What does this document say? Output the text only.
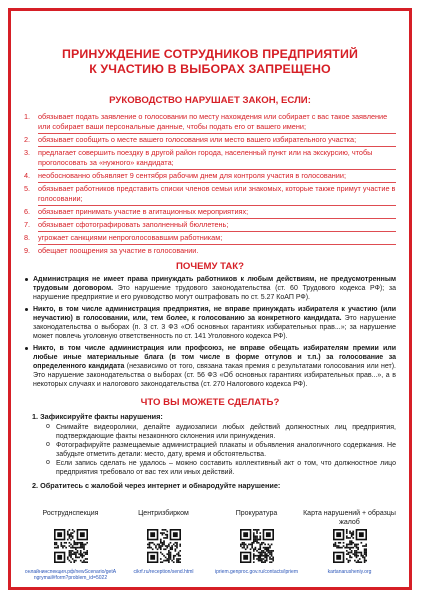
ПРИНУЖДЕНИЕ СОТРУДНИКОВ ПРЕДПРИЯТИЙ
К УЧАСТИЮ В ВЫБОРАХ ЗАПРЕЩЕНО
РУКОВОДСТВО НАРУШАЕТ ЗАКОН, ЕСЛИ:
1. обязывает подать заявление о голосовании по месту нахождения или собирает с вас такое заявление или собирает ваши персональные данные, чтобы подать его от вашего имени;
2. обязывает сообщить о месте вашего голосования или место вашего избирательного участка;
3. предлагает совершить поездку в другой район города, населенный пункт или на экскурсию, чтобы проголосовать за «нужного» кандидата;
4. необоснованно объявляет 9 сентября рабочим днем для контроля участия в голосовании;
5. обязывает работников представить списки членов семьи или знакомых, которые также примут участие в голосовании;
6. обязывает принимать участие в агитационных мероприятиях;
7. обязывает сфотографировать заполненный бюллетень;
8. угрожает санкциями непроголосовавшим работникам;
9. обещает поощрения за участие в голосовании.
ПОЧЕМУ ТАК?
Администрация не имеет права принуждать работников к любым действиям, не предусмотренным трудовым договором. Это нарушение трудового законодательства (ст. 60 Трудового кодекса РФ); за нарушение предприятие и его руководство могут оштрафовать по ст. 5.27 КоАП РФ).
Никто, в том числе администрация предприятия, не вправе принуждать избирателя к участию (или неучастию) в голосовании, или, тем более, к голосованию за конкретного кандидата. Это нарушение законодательства о выборах (п. 3 ст. 3 ФЗ «Об основных гарантиях избирательных прав...»; за нарушение может повлечь уголовную ответственность по ст. 141 Уголовного кодекса РФ).
Никто, в том числе администрация или профсоюз, не вправе обещать избирателям премии или любые иные материальные блага (в том числе в форме отгулов и т.п.) за голосование за определенного кандидата (независимо от того, связана такая премия с результатами голосования или нет). Это нарушение законодательства о выборах (ст. 56 ФЗ «Об основных гарантиях избирательных прав...», а в некоторых случаях и налогового законодательства (ст. 270 Налогового кодекса РФ).
ЧТО ВЫ МОЖЕТЕ СДЕЛАТЬ?
1. Зафиксируйте факты нарушения:
o Снимайте видеоролики, делайте аудиозаписи любых действий должностных лиц предприятия, подтверждающие факты незаконного склонения или принуждения.
o Фотографируйте размещаемые администрацией плакаты и объявления аналогичного содержания. Не забудьте отметить детали: место, дату, время и обстоятельства.
o Если запись сделать не удалось – можно составить коллективный акт о том, что должностное лицо предприятия требовало от вас тех или иных действий.
2. Обратитесь с жалобой через интернет и обнародуйте нарушение:
Роструднспекция
онлайнинспекция.рф/newScenario/getAngrymail#form?problem_id=5022
Центризбирком
cikrf.ru/reception/send.html
Прокуратура
ipriem.genproc.gov.ru/contacts/ipriem
Карта нарушений + образцы жалоб
kartanarusheniy.org
